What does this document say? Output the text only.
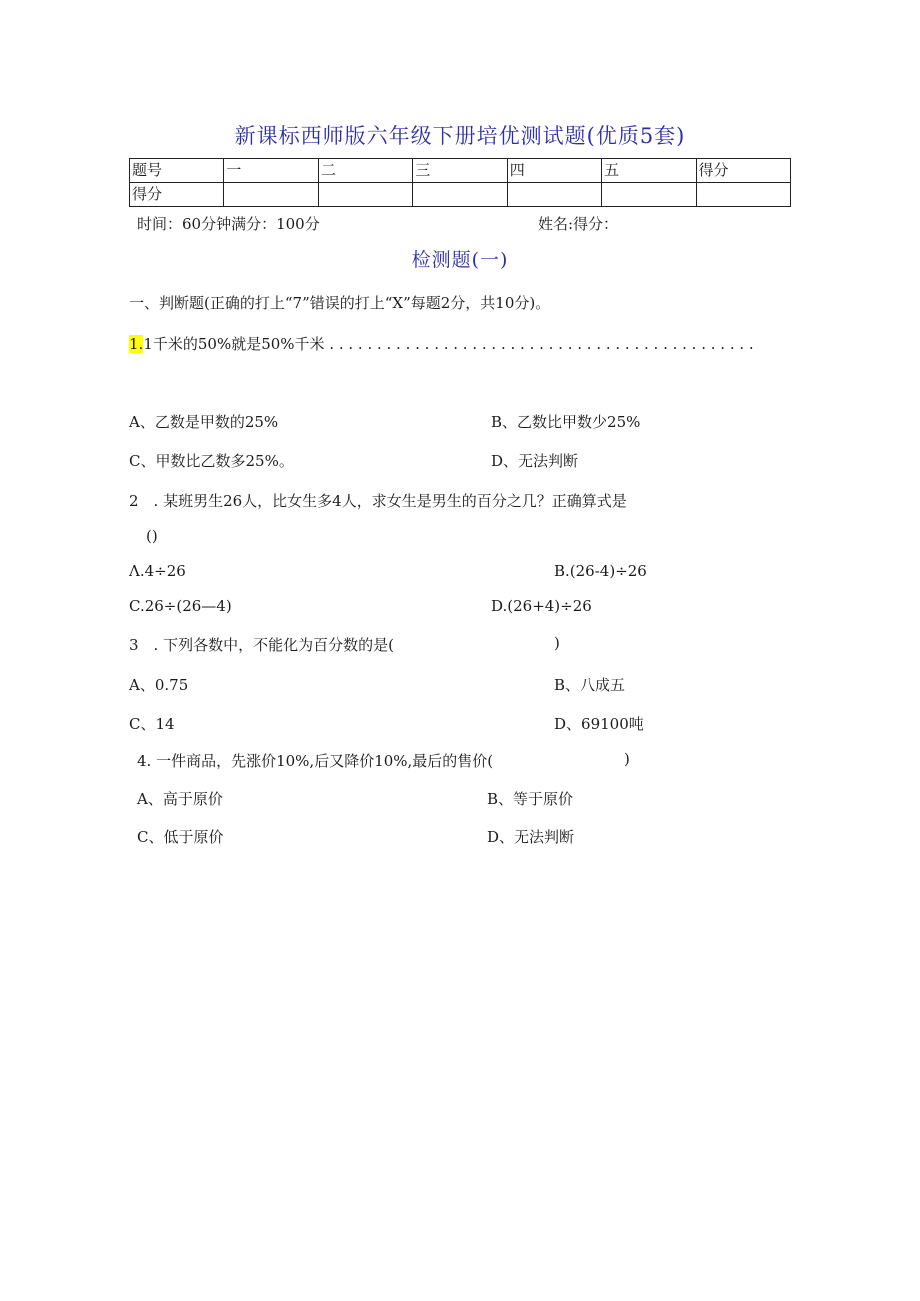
新课标西师版六年级下册培优测试题(优质5套)
题号	一	二	三	四	五	得分
得分						
时间：60分钟满分：100分	姓名:得分：
检测题(一)
一、判断题(正确的打上“7”错误的打上“X”每题2分，共10分)。
1.1千米的50%就是50%千米 . . . . . . . . . . . . . . . . . . . . . . . . . . . . . . . . . . . . . . . . . . . . .
A、乙数是甲数的25%	B、乙数比甲数少25%
C、甲数比乙数多25%。	D、无法判断
2　. 某班男生26人，比女生多4人，求女生是男生的百分之几？正确算式是
()
Λ.4÷26	B.(26-4)÷26
C.26÷(26—4)	D.(26+4)÷26
3　. 下列各数中，不能化为百分数的是(	)
A、0.75	B、八成五
C、14	D、69100吨
4. 一件商品，先涨价10%,后又降价10%,最后的售价(	)
A、高于原价	B、等于原价
C、低于原价	D、无法判断
